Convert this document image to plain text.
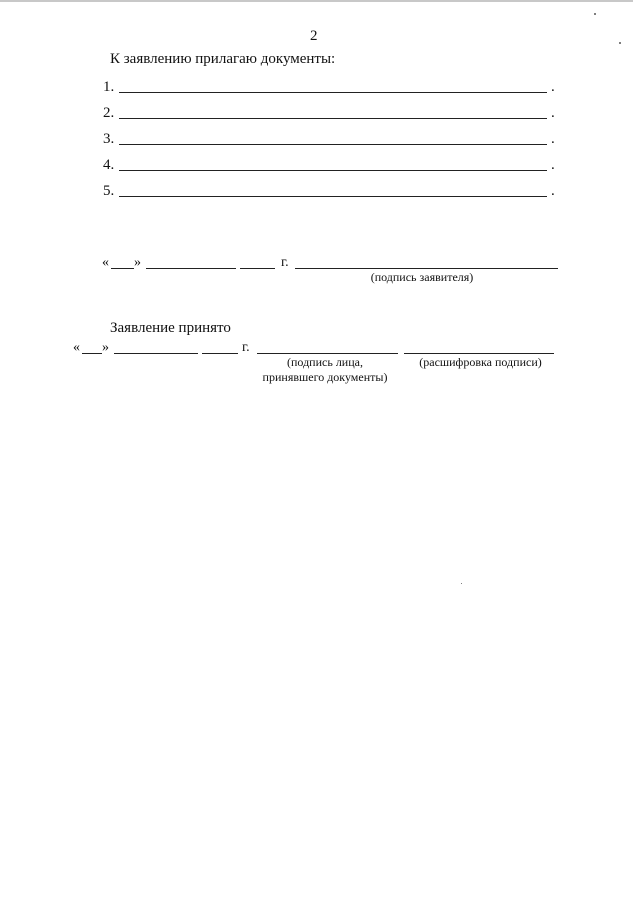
2
К заявлению прилагаю документы:
1.	.
2.	.
3.	.
4.	.
5.	.
« »	г.
(подпись заявителя)
Заявление принято
« »	г.
(подпись лица,
принявшего документы)
(расшифровка подписи)
